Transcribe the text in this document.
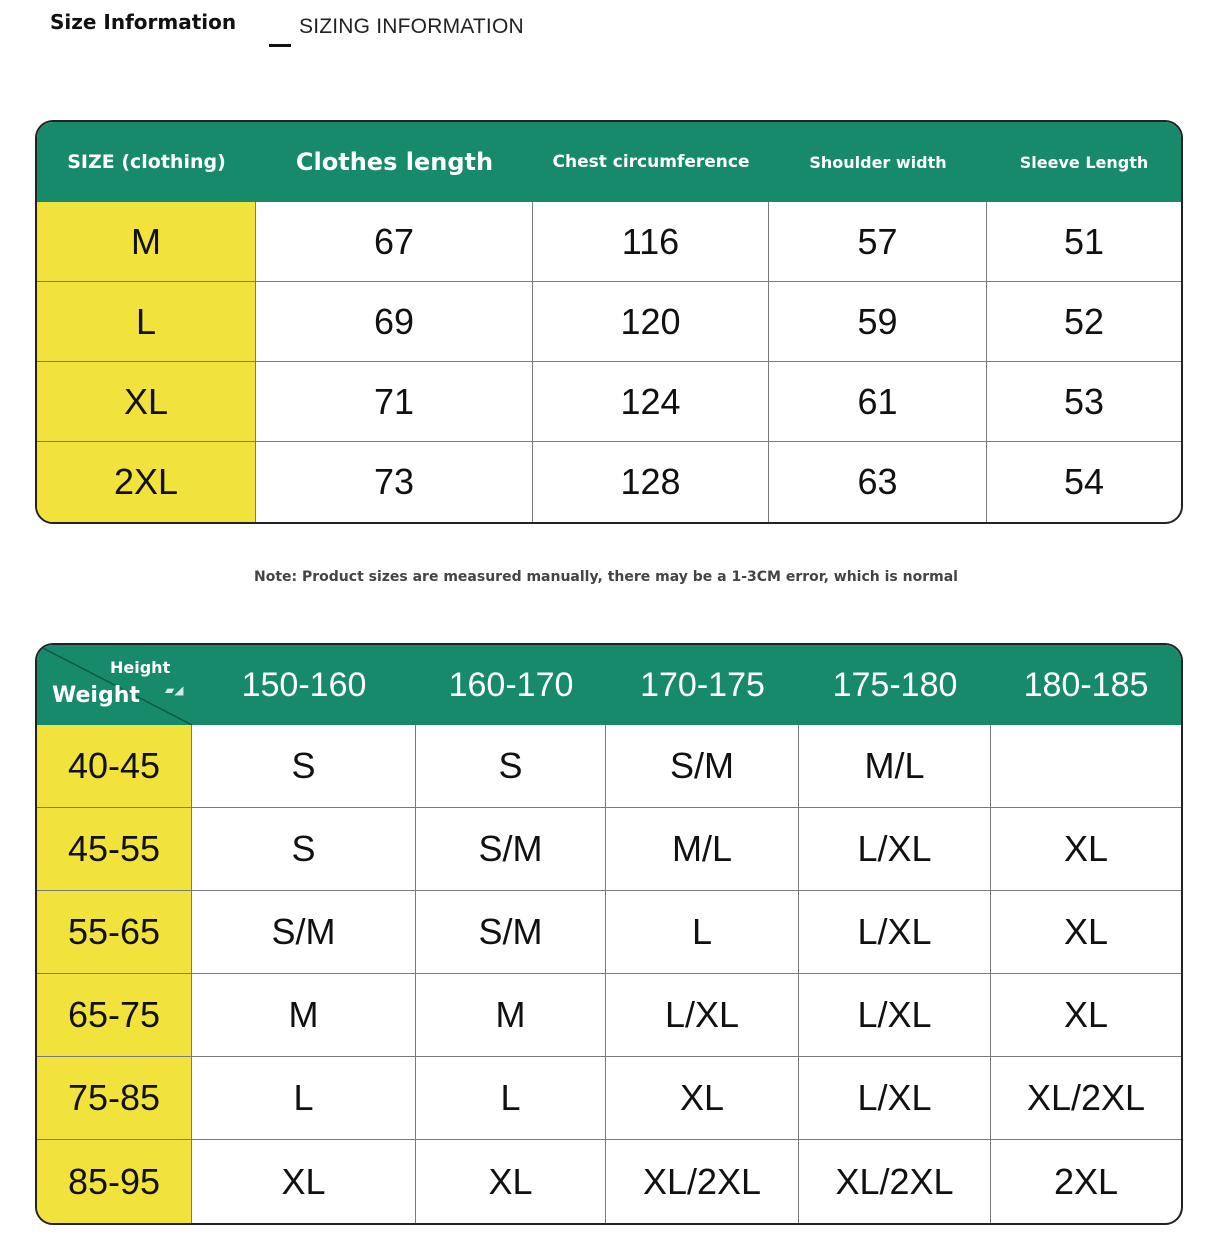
Size Information	SIZING INFORMATION
SIZE (clothing)	Clothes length	Chest circumference	Shoulder width	Sleeve Length
M	67	116	57	51
L	69	120	59	52
XL	71	124	61	53
2XL	73	128	63	54
Note: Product sizes are measured manually, there may be a 1-3CM error, which is normal
Height
Weight ▰◢	150-160	160-170	170-175	175-180	180-185
40-45	S	S	S/M	M/L	
45-55	S	S/M	M/L	L/XL	XL
55-65	S/M	S/M	L	L/XL	XL
65-75	M	M	L/XL	L/XL	XL
75-85	L	L	XL	L/XL	XL/2XL
85-95	XL	XL	XL/2XL	XL/2XL	2XL
